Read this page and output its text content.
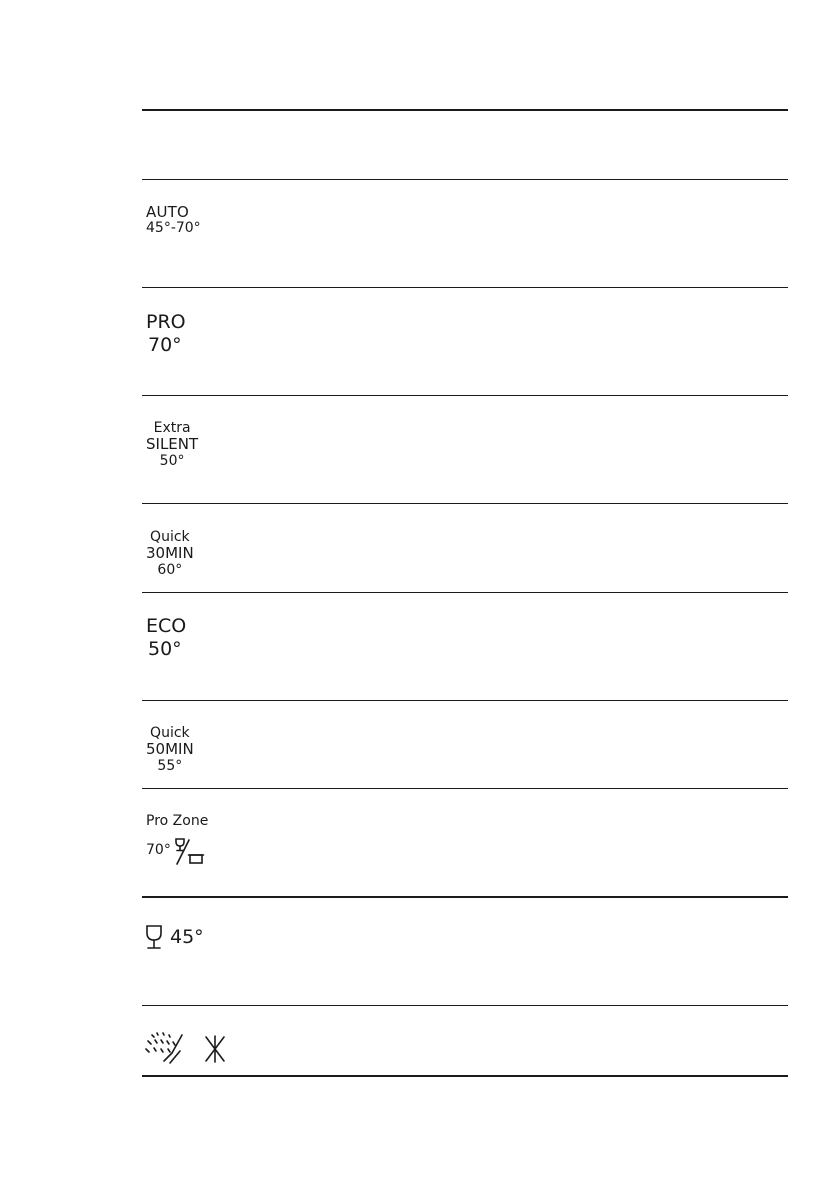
AUTO
45°-70°
PRO
70°
Extra
SILENT
50°
Quick
30MIN
60°
ECO
50°
Quick
50MIN
55°
Pro Zone
70°
45°
